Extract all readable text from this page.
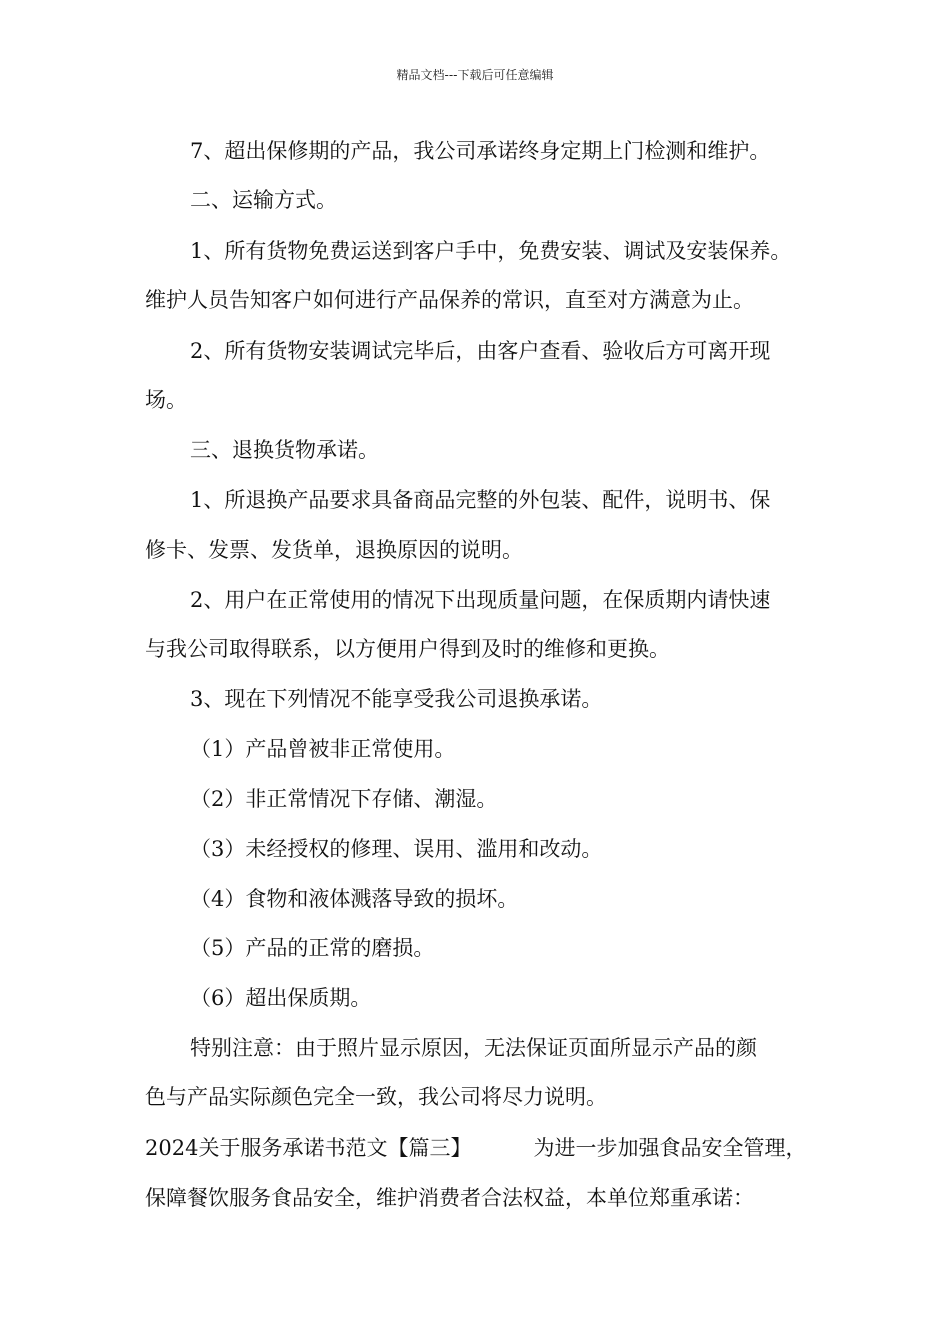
精品文档---下载后可任意编辑
7、超出保修期的产品，我公司承诺终身定期上门检测和维护。
二、运输方式。
1、所有货物免费运送到客户手中，免费安装、调试及安装保养。
维护人员告知客户如何进行产品保养的常识，直至对方满意为止。
2、所有货物安装调试完毕后，由客户查看、验收后方可离开现
场。
三、退换货物承诺。
1、所退换产品要求具备商品完整的外包装、配件，说明书、保
修卡、发票、发货单，退换原因的说明。
2、用户在正常使用的情况下出现质量问题，在保质期内请快速
与我公司取得联系，以方便用户得到及时的维修和更换。
3、现在下列情况不能享受我公司退换承诺。
（1）产品曾被非正常使用。
（2）非正常情况下存储、潮湿。
（3）未经授权的修理、误用、滥用和改动。
（4）食物和液体溅落导致的损坏。
（5）产品的正常的磨损。
（6）超出保质期。
特别注意：由于照片显示原因，无法保证页面所显示产品的颜
色与产品实际颜色完全一致，我公司将尽力说明。
2024关于服务承诺书范文【篇三】	为进一步加强食品安全管理，
保障餐饮服务食品安全，维护消费者合法权益，本单位郑重承诺：
